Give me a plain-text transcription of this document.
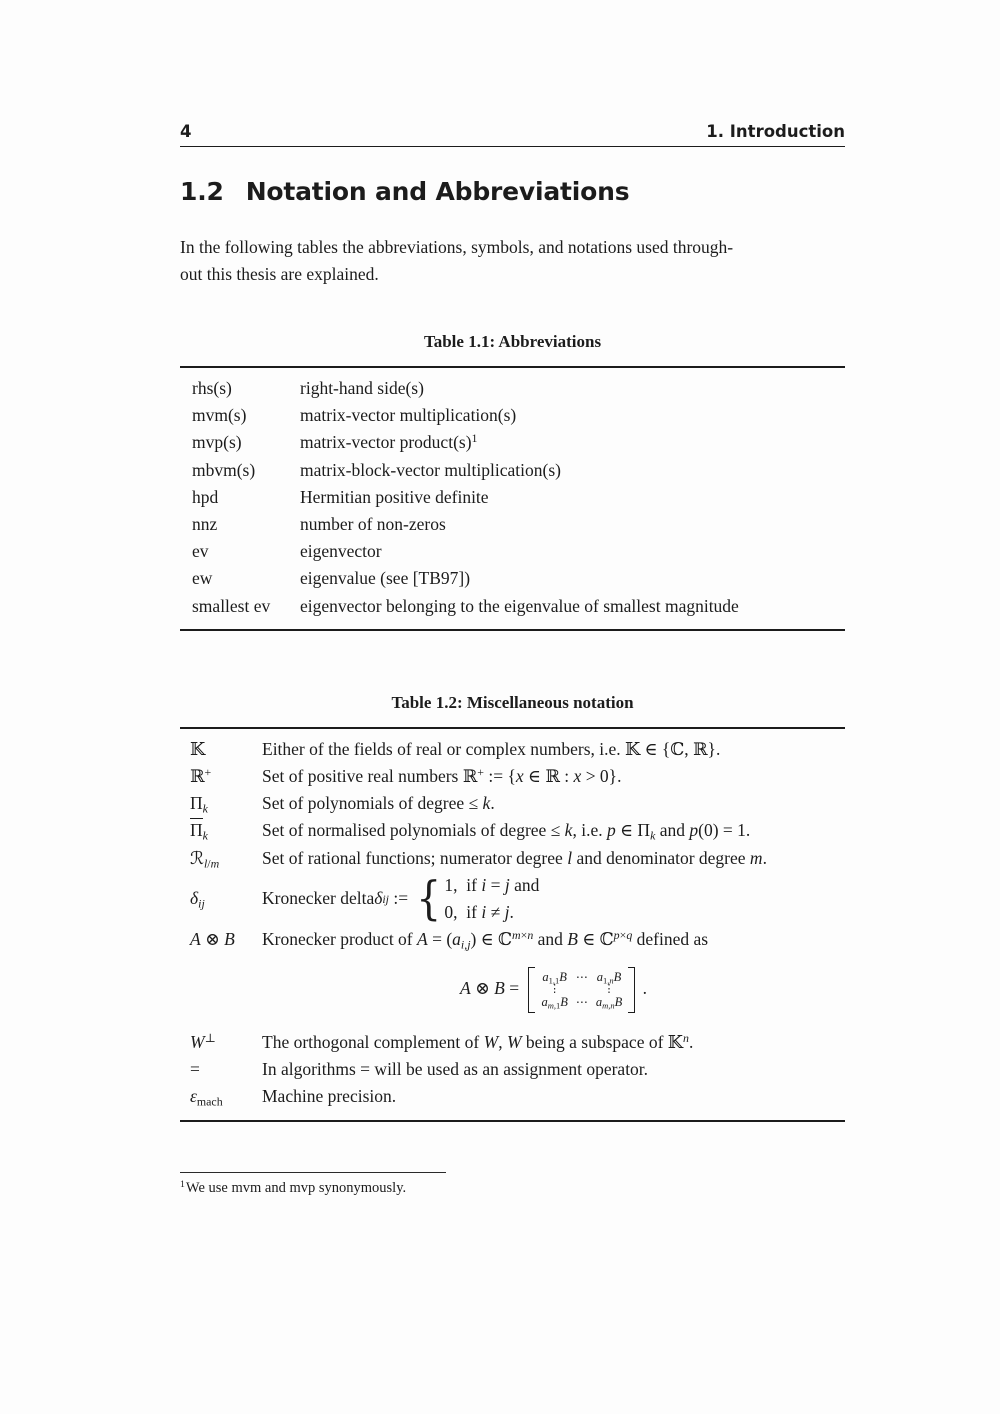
4	1. Introduction
1.2 Notation and Abbreviations

In the following tables the abbreviations, symbols, and notations used through-
out this thesis are explained.

Table 1.1: Abbreviations
rhs(s)	right-hand side(s)
mvm(s)	matrix-vector multiplication(s)
mvp(s)	matrix-vector $product(s)^1$
mbvm(s)	matrix-block-vector multiplication(s)
hpd	Hermitian positive definite
nnz	number of non-zeros
ev	eigenvector
ew	eigenvalue (see [TB97])
smallest ev	eigenvector belonging to the eigenvalue of smallest magnitude
Table 1.2: Miscellaneous notation
𝕂	Either of the fields of real or complex numbers, i.e. 𝕂 ∈ {ℂ, ℝ}.
ℝ+	Set of positive real numbers ℝ+ := {x ∈ ℝ : x > 0}.
$\Pi_k$	Set of polynomials of degree ≤ k.
$\Pi_k$	Set of normalised polynomials of degree ≤ k, i.e. p ∈ $\Pi_k$ and p(0) = 1.
ℛ$_{l/m}$	Set of rational functions; numerator degree l and denominator degree m.
$\delta_{ij}$	Kronecker delta δ ij := { 1,  if i = j and
0,  if i ≠ j.
A ⊗ B	Kronecker product of $A = (a_{i,j})$ ∈ ℂ$^{m\times n}$ and B ∈ ℂ$^{p\times q}$ defined as
A ⊗ B =
$a_{1,1}B$ ⋯ $a_{1,n}B$
⋮	⋮
$a_{m,1}B$ ⋯ $a_{m,n}B$
.
W⊥	The orthogonal complement of W, W being a subspace of 𝕂$^n$.
=	In algorithms = will be used as an assignment operator.
$\varepsilon_{mach}$	Machine precision.

$^1$We use mvm and mvp synonymously.
